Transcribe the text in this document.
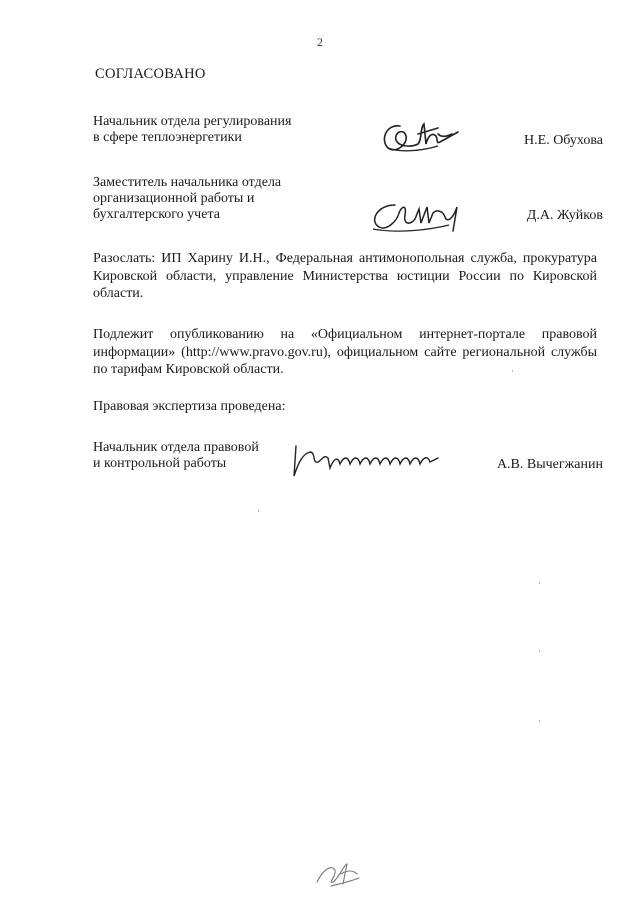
2
СОГЛАСОВАНО
Начальник отдела регулирования
в сфере теплоэнергетики	Н.Е. Обухова
Заместитель начальника отдела
организационной работы и
бухгалтерского учета	Д.А. Жуйков
Разослать: ИП Харину И.Н., Федеральная антимонопольная служба, прокуратура Кировской области, управление Министерства юстиции России по Кировской области.
Подлежит опубликованию на «Официальном интернет-портале правовой информации» (http://www.pravo.gov.ru), официальном сайте региональной службы по тарифам Кировской области.
Правовая экспертиза проведена:
Начальник отдела правовой
и контрольной работы	А.В. Вычегжанин
